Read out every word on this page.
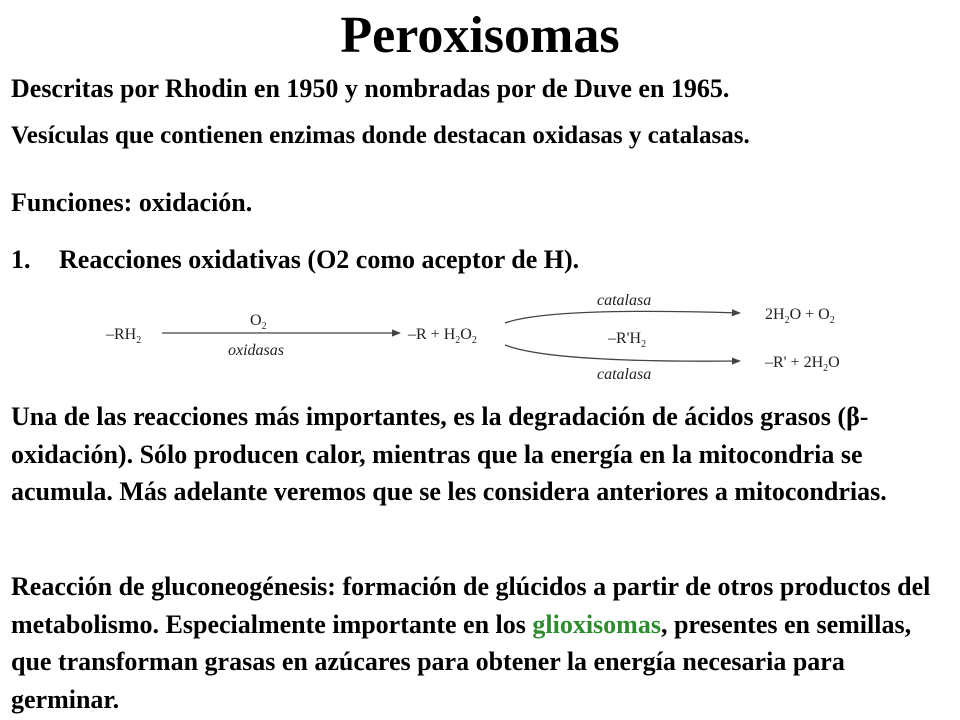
Peroxisomas

Descritas por Rhodin en 1950 y nombradas por de Duve en 1965.

Vesículas que contienen enzimas donde destacan oxidasas y catalasas.

Funciones: oxidación.

1. Reacciones oxidativas (O2 como aceptor de H).

$-RH_2$
$O_2$
oxidasas
$-R + H_2O_2$
catalasa
$2H_2O + O_2$
$-R'H_2$
catalasa
$-R' + 2H_2O$

Una de las reacciones más importantes, es la degradación de ácidos grasos (β-oxidación). Sólo producen calor, mientras que la energía en la mitocondria se acumula. Más adelante veremos que se les considera anteriores a mitocondrias.

Reacción de gluconeogénesis: formación de glúcidos a partir de otros productos del metabolismo. Especialmente importante en los glioxisomas, presentes en semillas, que transforman grasas en azúcares para obtener la energía necesaria para germinar.
